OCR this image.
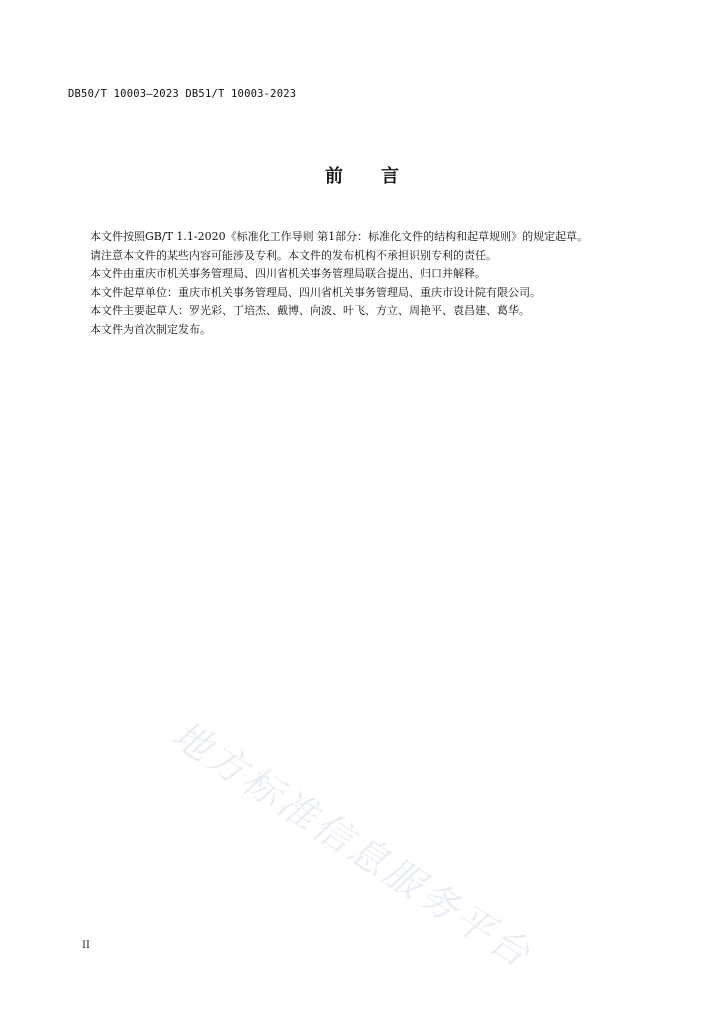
DB50/T 10003—2023 DB51/T 10003-2023
前 言

本文件按照GB/T 1.1-2020《标准化工作导则 第1部分：标准化文件的结构和起草规则》的规定起草。

请注意本文件的某些内容可能涉及专利。本文件的发布机构不承担识别专利的责任。

本文件由重庆市机关事务管理局、四川省机关事务管理局联合提出、归口并解释。

本文件起草单位：重庆市机关事务管理局、四川省机关事务管理局、重庆市设计院有限公司。

本文件主要起草人：罗光彩、丁培杰、戴博、向波、叶飞、方立、周艳平、袁昌建、葛华。

本文件为首次制定发布。

地方标准信息服务平台
II
